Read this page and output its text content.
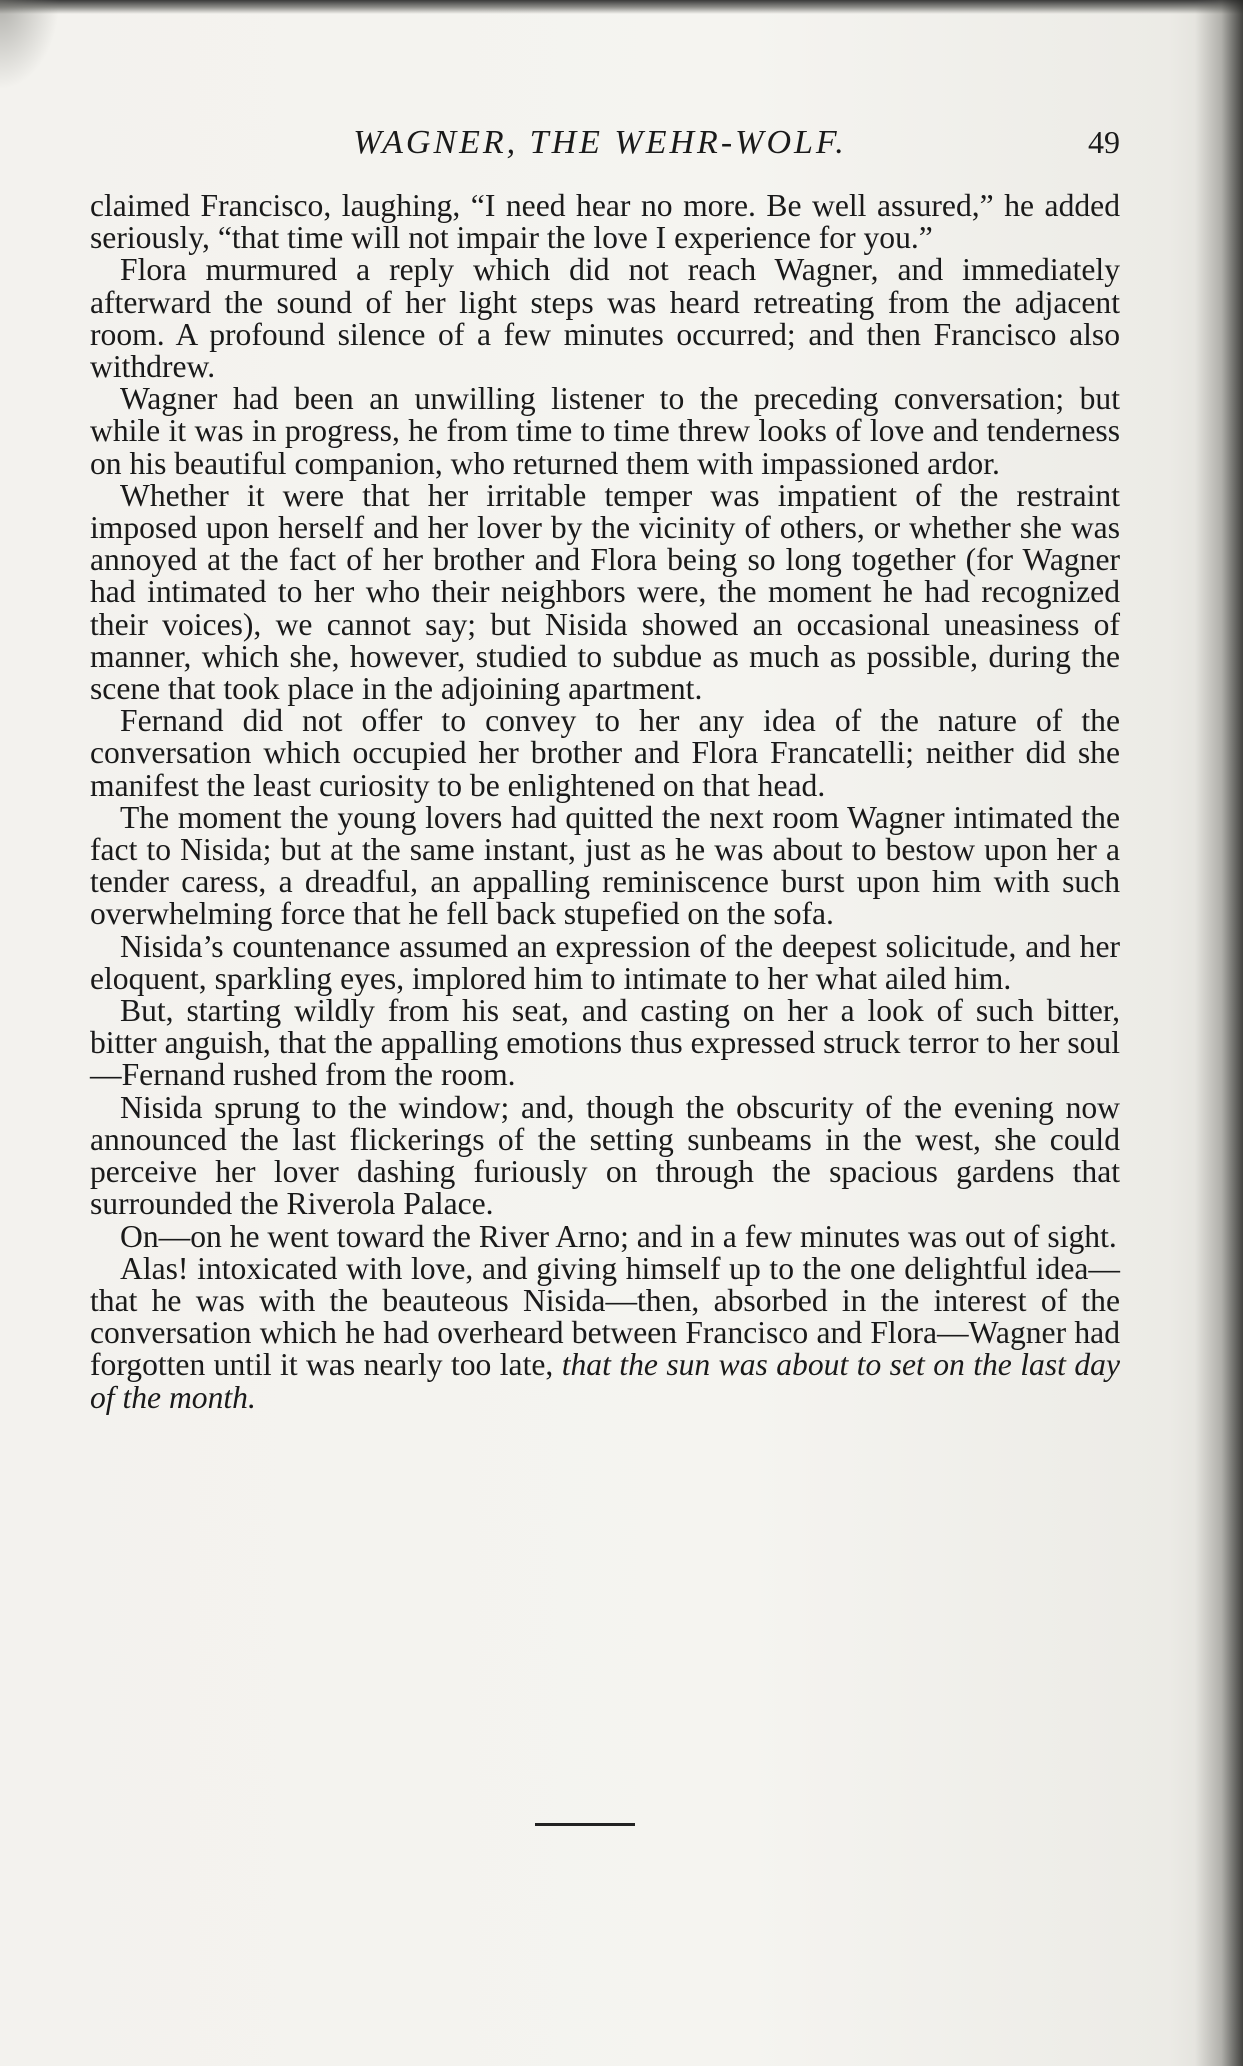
WAGNER, THE WEHR-WOLF.	49

claimed Francisco, laughing, “I need hear no more. Be well assured,” he added seriously, “that time will not impair the love I experience for you.”

Flora murmured a reply which did not reach Wagner, and immediately afterward the sound of her light steps was heard retreating from the adjacent room. A profound silence of a few minutes occurred; and then Francisco also withdrew.

Wagner had been an unwilling listener to the preceding conversation; but while it was in progress, he from time to time threw looks of love and tenderness on his beautiful companion, who returned them with impassioned ardor.

Whether it were that her irritable temper was impatient of the restraint imposed upon herself and her lover by the vicinity of others, or whether she was annoyed at the fact of her brother and Flora being so long together (for Wagner had intimated to her who their neighbors were, the moment he had recognized their voices), we cannot say; but Nisida showed an occasional uneasiness of manner, which she, however, studied to subdue as much as possible, during the scene that took place in the adjoining apartment.

Fernand did not offer to convey to her any idea of the nature of the conversation which occupied her brother and Flora Francatelli; neither did she manifest the least curiosity to be enlightened on that head.

The moment the young lovers had quitted the next room Wagner intimated the fact to Nisida; but at the same instant, just as he was about to bestow upon her a tender caress, a dreadful, an appalling reminiscence burst upon him with such overwhelming force that he fell back stupefied on the sofa.

Nisida’s countenance assumed an expression of the deepest solicitude, and her eloquent, sparkling eyes, implored him to intimate to her what ailed him.

But, starting wildly from his seat, and casting on her a look of such bitter, bitter anguish, that the appalling emotions thus expressed struck terror to her soul—Fernand rushed from the room.

Nisida sprung to the window; and, though the obscurity of the evening now announced the last flickerings of the setting sunbeams in the west, she could perceive her lover dashing furiously on through the spacious gardens that surrounded the Riverola Palace.

On—on he went toward the River Arno; and in a few minutes was out of sight.

Alas! intoxicated with love, and giving himself up to the one delightful idea—that he was with the beauteous Nisida—then, absorbed in the interest of the conversation which he had overheard between Francisco and Flora—Wagner had forgotten until it was nearly too late, that the sun was about to set on the last day of the month.
